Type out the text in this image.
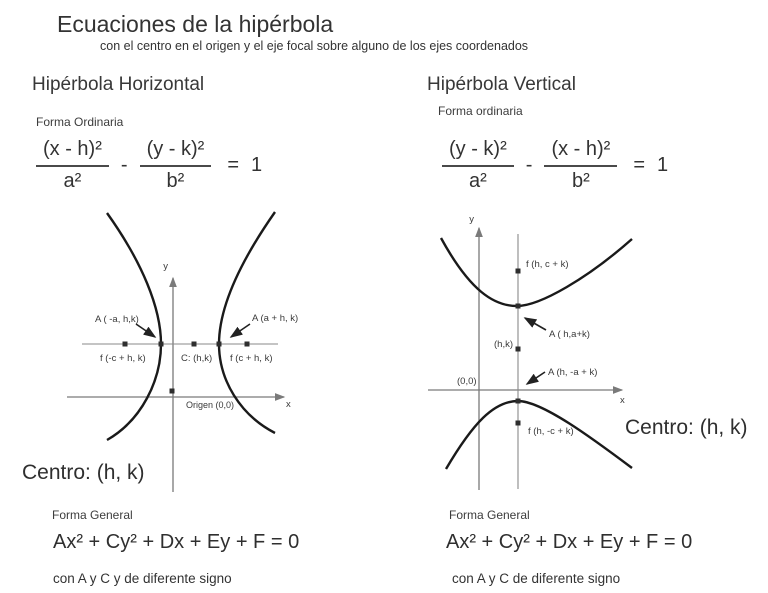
Ecuaciones de la hipérbola
con el centro en el origen y el eje focal sobre alguno de los ejes coordenados
Hipérbola Horizontal	Hipérbola Vertical
Forma Ordinaria
Forma ordinaria
$\frac{\text{(x - h)²}}{\text{a²}} - \frac{\text{(y - k)²}}{\text{b²}} = 1$	$\frac{\text{(y - k)²}}{\text{a²}} - \frac{\text{(x - h)²}}{\text{b²}} = 1$
y
x
A ( -a, h,k)	A (a + h, k)
f (-c + h, k)	C: (h,k) f (c + h, k)
Origen (0,0)
y
x
f (h, c + k)
A ( h,a+k)
(h,k)
A (h, -a + k)
(0,0)
f (h, -c + k)
Centro: (h, k)
Centro: (h, k)
Forma General
Ax² + Cy² + Dx + Ey + F = 0
con A y C y de diferente signo
Forma General
Ax² + Cy² + Dx + Ey + F = 0
con A y C de diferente signo
